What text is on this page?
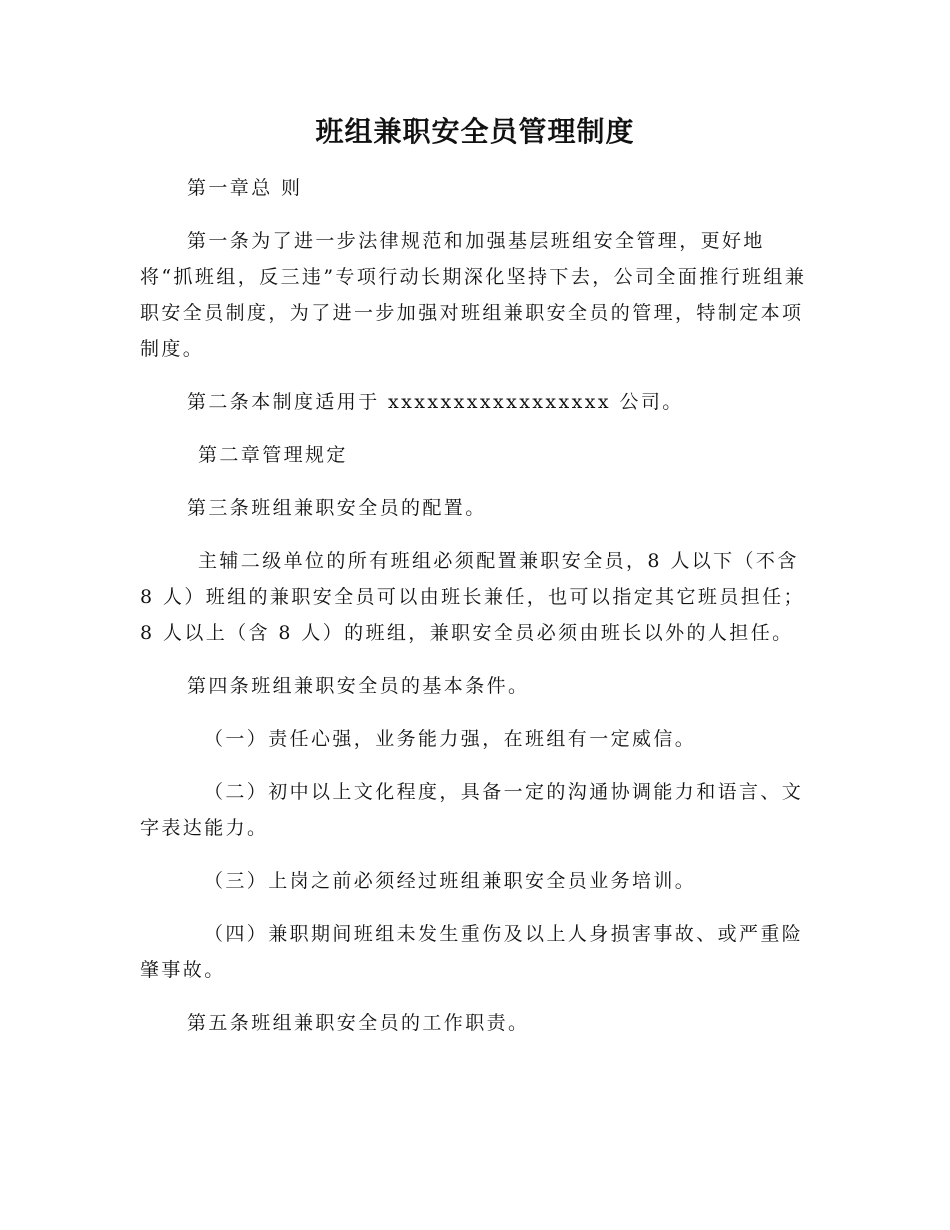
班组兼职安全员管理制度

第一章总 则

第一条为了进一步法律规范和加强基层班组安全管理，更好地将“抓班组，反三违”专项行动长期深化坚持下去，公司全面推行班组兼职安全员制度，为了进一步加强对班组兼职安全员的管理，特制定本项制度。

第二条本制度适用于 xxxxxxxxxxxxxxxxx 公司。

第二章管理规定

第三条班组兼职安全员的配置。

主辅二级单位的所有班组必须配置兼职安全员，8 人以下（不含 8 人）班组的兼职安全员可以由班长兼任，也可以指定其它班员担任；8 人以上（含 8 人）的班组，兼职安全员必须由班长以外的人担任。

第四条班组兼职安全员的基本条件。

（一）责任心强，业务能力强，在班组有一定威信。

（二）初中以上文化程度，具备一定的沟通协调能力和语言、文字表达能力。

（三）上岗之前必须经过班组兼职安全员业务培训。

（四）兼职期间班组未发生重伤及以上人身损害事故、或严重险肇事故。

第五条班组兼职安全员的工作职责。
